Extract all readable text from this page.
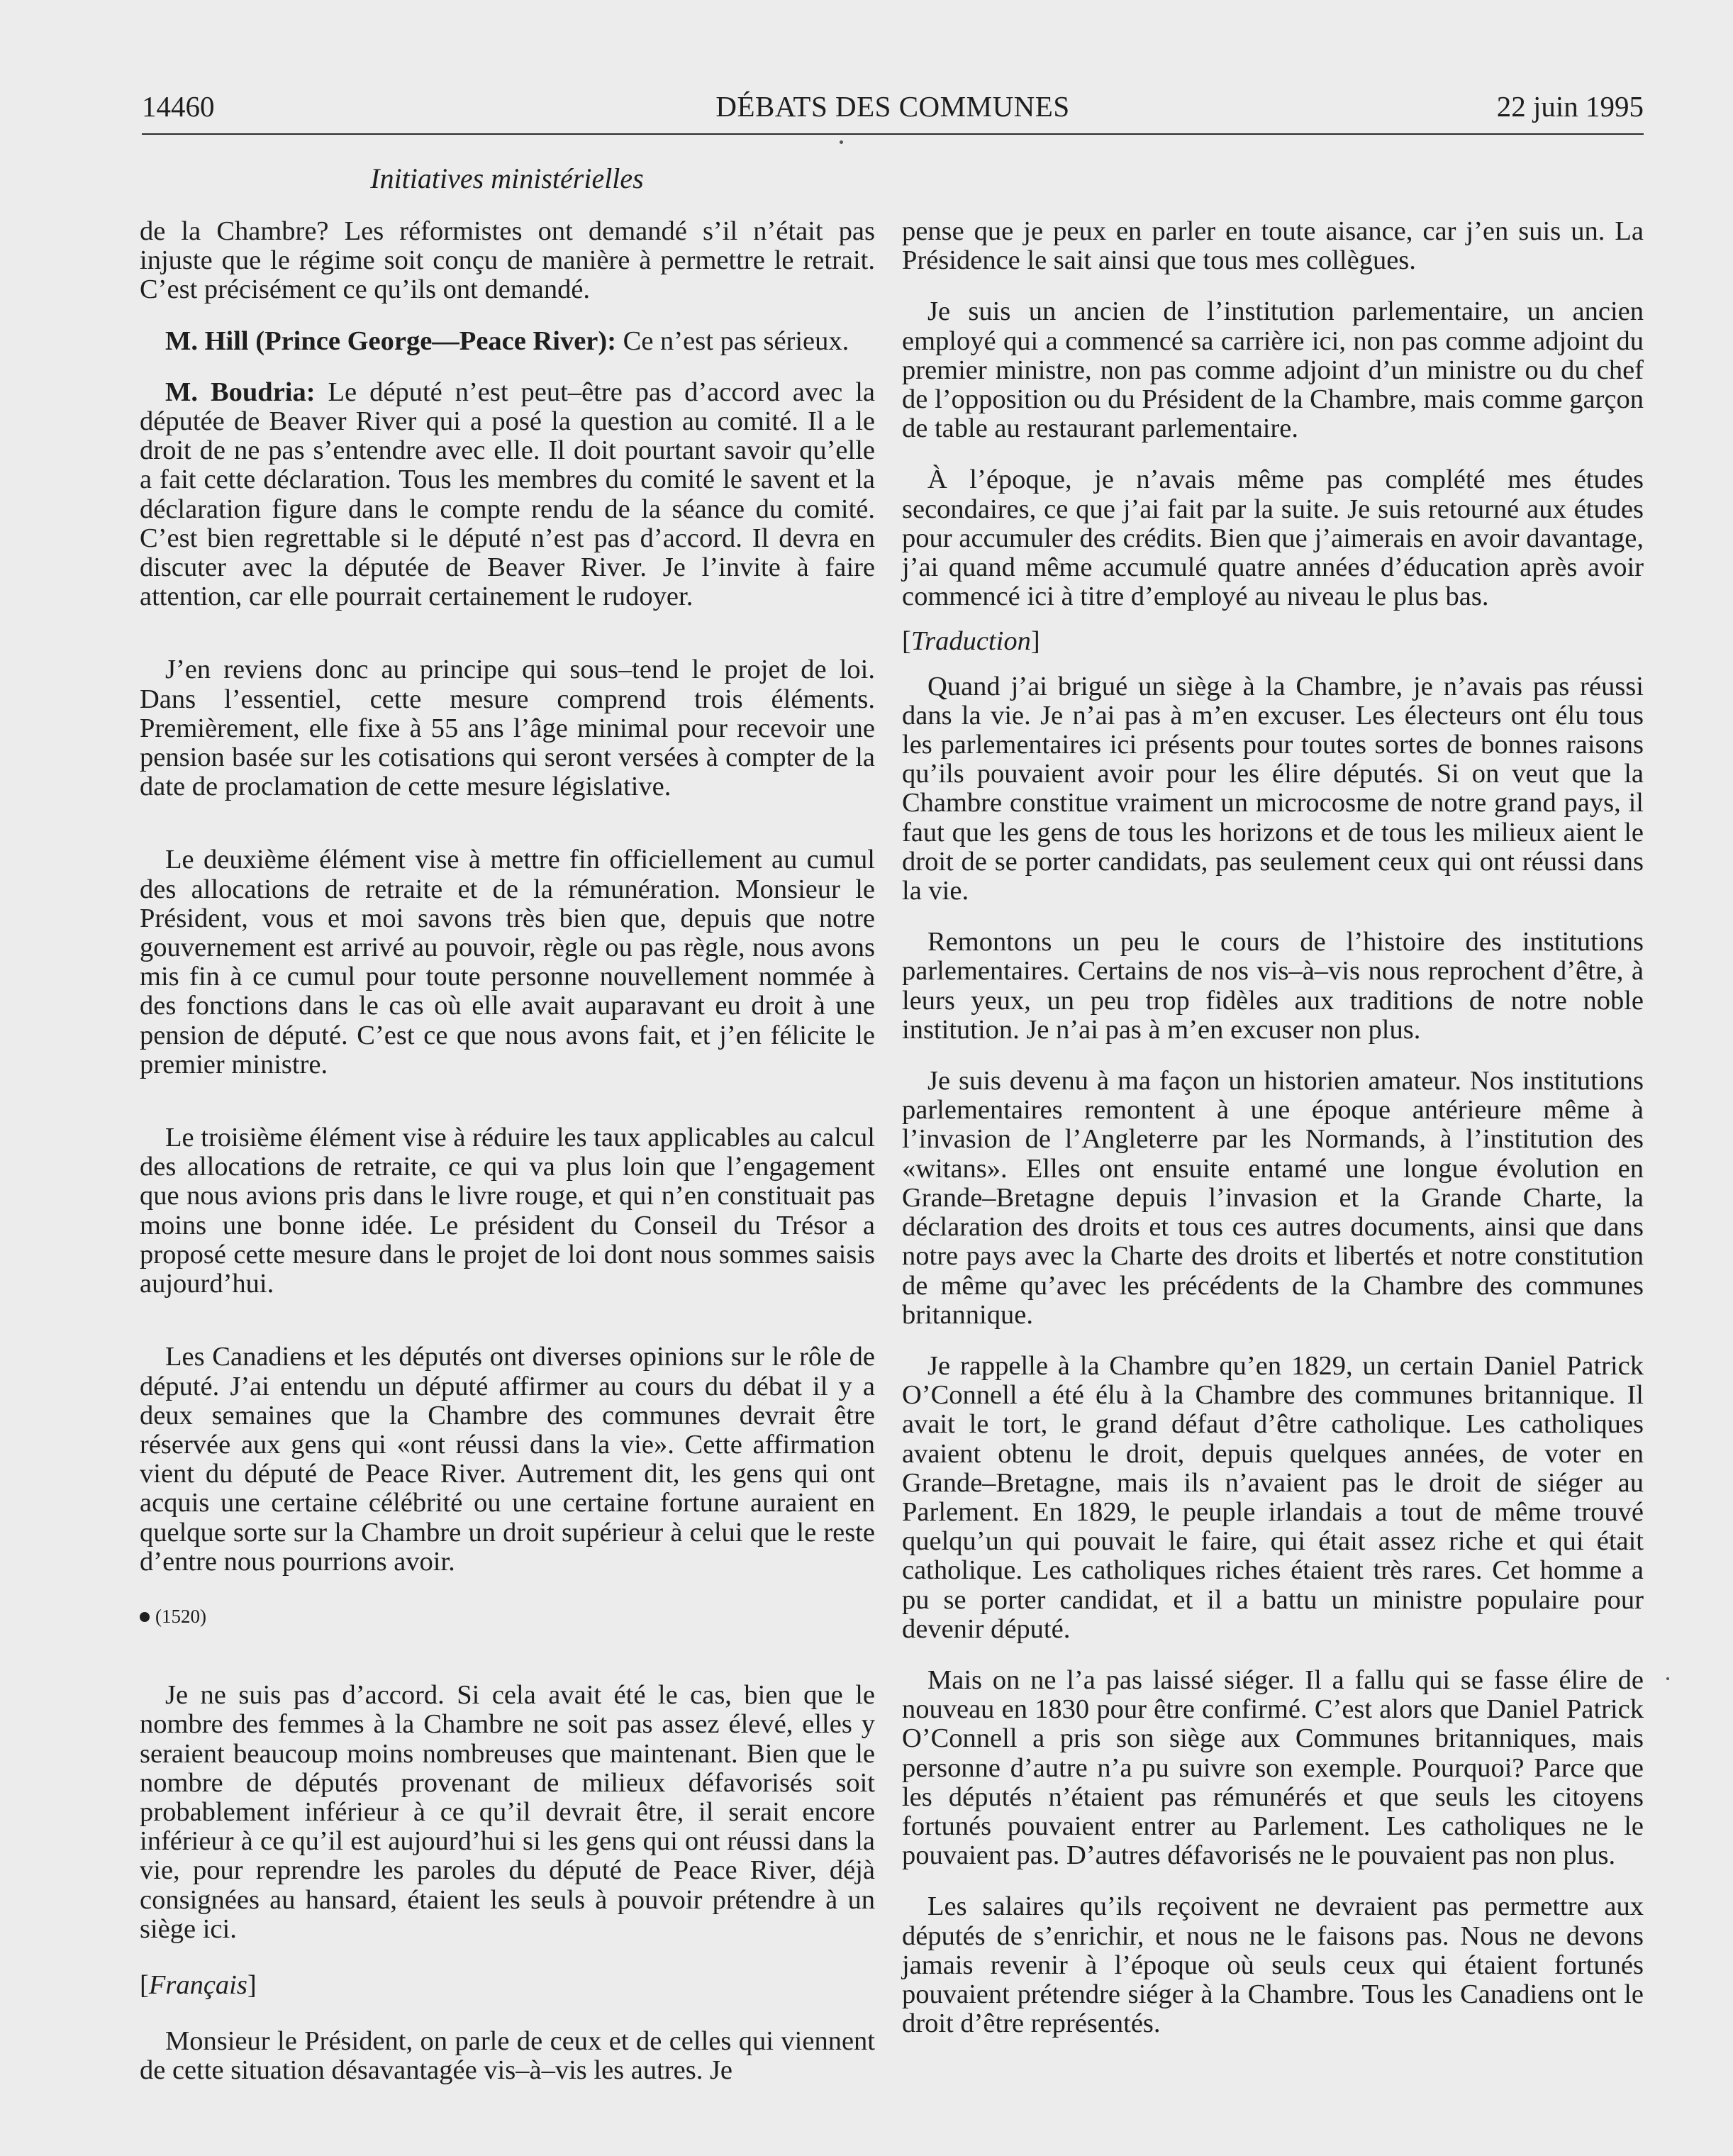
14460	DÉBATS DES COMMUNES	22 juin 1995
Initiatives ministérielles

de la Chambre? Les réformistes ont demandé s’il n’était pas injuste que le régime soit conçu de manière à permettre le retrait. C’est précisément ce qu’ils ont demandé.

M. Hill (Prince George—Peace River): Ce n’est pas sérieux.

M. Boudria: Le député n’est peut–être pas d’accord avec la députée de Beaver River qui a posé la question au comité. Il a le droit de ne pas s’entendre avec elle. Il doit pourtant savoir qu’elle a fait cette déclaration. Tous les membres du comité le savent et la déclaration figure dans le compte rendu de la séance du comité. C’est bien regrettable si le député n’est pas d’accord. Il devra en discuter avec la députée de Beaver River. Je l’invite à faire attention, car elle pourrait certainement le rudoyer.

J’en reviens donc au principe qui sous–tend le projet de loi. Dans l’essentiel, cette mesure comprend trois éléments. Premièrement, elle fixe à 55 ans l’âge minimal pour recevoir une pension basée sur les cotisations qui seront versées à compter de la date de proclamation de cette mesure législative.

Le deuxième élément vise à mettre fin officiellement au cumul des allocations de retraite et de la rémunération. Monsieur le Président, vous et moi savons très bien que, depuis que notre gouvernement est arrivé au pouvoir, règle ou pas règle, nous avons mis fin à ce cumul pour toute personne nouvellement nommée à des fonctions dans le cas où elle avait auparavant eu droit à une pension de député. C’est ce que nous avons fait, et j’en félicite le premier ministre.

Le troisième élément vise à réduire les taux applicables au calcul des allocations de retraite, ce qui va plus loin que l’engagement que nous avions pris dans le livre rouge, et qui n’en constituait pas moins une bonne idée. Le président du Conseil du Trésor a proposé cette mesure dans le projet de loi dont nous sommes saisis aujourd’hui.

Les Canadiens et les députés ont diverses opinions sur le rôle de député. J’ai entendu un député affirmer au cours du débat il y a deux semaines que la Chambre des communes devrait être réservée aux gens qui «ont réussi dans la vie». Cette affirmation vient du député de Peace River. Autrement dit, les gens qui ont acquis une certaine célébrité ou une certaine fortune auraient en quelque sorte sur la Chambre un droit supérieur à celui que le reste d’entre nous pourrions avoir.

(1520)

Je ne suis pas d’accord. Si cela avait été le cas, bien que le nombre des femmes à la Chambre ne soit pas assez élevé, elles y seraient beaucoup moins nombreuses que maintenant. Bien que le nombre de députés provenant de milieux défavorisés soit probablement inférieur à ce qu’il devrait être, il serait encore inférieur à ce qu’il est aujourd’hui si les gens qui ont réussi dans la vie, pour reprendre les paroles du député de Peace River, déjà consignées au hansard, étaient les seuls à pouvoir prétendre à un siège ici.

[Français]

Monsieur le Président, on parle de ceux et de celles qui viennent de cette situation désavantagée vis–à–vis les autres. Je

pense que je peux en parler en toute aisance, car j’en suis un. La Présidence le sait ainsi que tous mes collègues.

Je suis un ancien de l’institution parlementaire, un ancien employé qui a commencé sa carrière ici, non pas comme adjoint du premier ministre, non pas comme adjoint d’un ministre ou du chef de l’opposition ou du Président de la Chambre, mais comme garçon de table au restaurant parlementaire.

À l’époque, je n’avais même pas complété mes études secondaires, ce que j’ai fait par la suite. Je suis retourné aux études pour accumuler des crédits. Bien que j’aimerais en avoir davantage, j’ai quand même accumulé quatre années d’éducation après avoir commencé ici à titre d’employé au niveau le plus bas.

[Traduction]

Quand j’ai brigué un siège à la Chambre, je n’avais pas réussi dans la vie. Je n’ai pas à m’en excuser. Les électeurs ont élu tous les parlementaires ici présents pour toutes sortes de bonnes raisons qu’ils pouvaient avoir pour les élire députés. Si on veut que la Chambre constitue vraiment un microcosme de notre grand pays, il faut que les gens de tous les horizons et de tous les milieux aient le droit de se porter candidats, pas seulement ceux qui ont réussi dans la vie.

Remontons un peu le cours de l’histoire des institutions parlementaires. Certains de nos vis–à–vis nous reprochent d’être, à leurs yeux, un peu trop fidèles aux traditions de notre noble institution. Je n’ai pas à m’en excuser non plus.

Je suis devenu à ma façon un historien amateur. Nos institutions parlementaires remontent à une époque antérieure même à l’invasion de l’Angleterre par les Normands, à l’institution des «witans». Elles ont ensuite entamé une longue évolution en Grande–Bretagne depuis l’invasion et la Grande Charte, la déclaration des droits et tous ces autres documents, ainsi que dans notre pays avec la Charte des droits et libertés et notre constitution de même qu’avec les précédents de la Chambre des communes britannique.

Je rappelle à la Chambre qu’en 1829, un certain Daniel Patrick O’Connell a été élu à la Chambre des communes britannique. Il avait le tort, le grand défaut d’être catholique. Les catholiques avaient obtenu le droit, depuis quelques années, de voter en Grande–Bretagne, mais ils n’avaient pas le droit de siéger au Parlement. En 1829, le peuple irlandais a tout de même trouvé quelqu’un qui pouvait le faire, qui était assez riche et qui était catholique. Les catholiques riches étaient très rares. Cet homme a pu se porter candidat, et il a battu un ministre populaire pour devenir député.

Mais on ne l’a pas laissé siéger. Il a fallu qui se fasse élire de nouveau en 1830 pour être confirmé. C’est alors que Daniel Patrick O’Connell a pris son siège aux Communes britanniques, mais personne d’autre n’a pu suivre son exemple. Pourquoi? Parce que les députés n’étaient pas rémunérés et que seuls les citoyens fortunés pouvaient entrer au Parlement. Les catholiques ne le pouvaient pas. D’autres défavorisés ne le pouvaient pas non plus.

Les salaires qu’ils reçoivent ne devraient pas permettre aux députés de s’enrichir, et nous ne le faisons pas. Nous ne devons jamais revenir à l’époque où seuls ceux qui étaient fortunés pouvaient prétendre siéger à la Chambre. Tous les Canadiens ont le droit d’être représentés.
